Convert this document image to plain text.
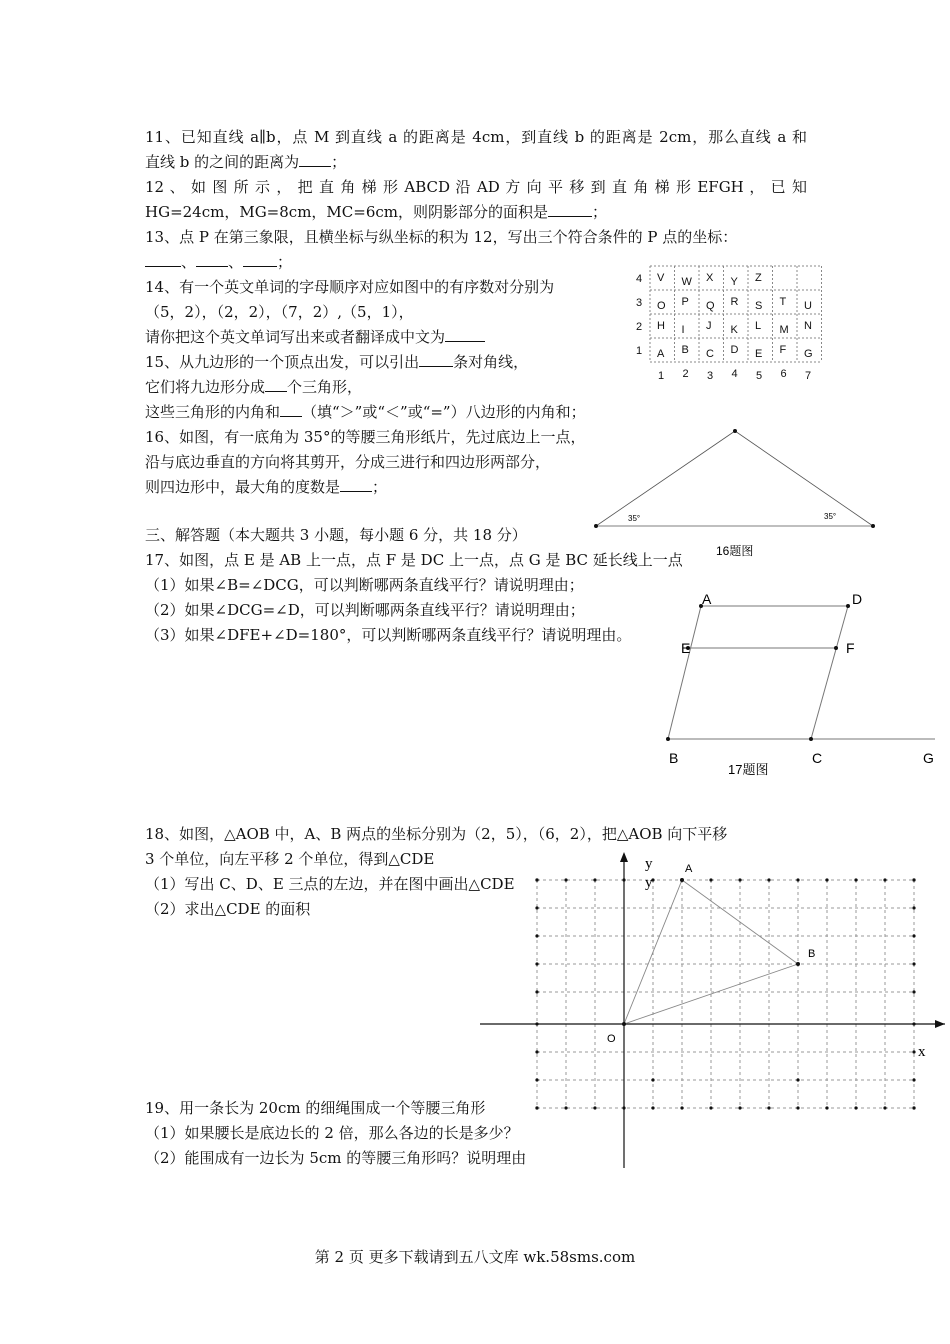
11、已知直线 a∥b，点 M 到直线 a 的距离是 4cm，到直线 b 的距离是 2cm，那么直线 a 和
直线 b 的之间的距离为 ；
12 、 如 图 所 示 ， 把 直 角 梯 形 ABCD 沿 AD 方 向 平 移 到 直 角 梯 形 EFGH ， 已 知
HG=24cm，MG=8cm，MC=6cm，则阴影部分的面积是	；
13、点 P 在第三象限，且横坐标与纵坐标的积为 12，写出三个符合条件的 P 点的坐标：
、 、 ；
14、有一个英文单词的字母顺序对应如图中的有序数对分别为
（5，2），（2，2），（7，2）,（5，1），
请你把这个英文单词写出来或者翻译成中文为
15、从九边形的一个顶点出发，可以引出 条对角线，
它们将九边形分成 个三角形，
这些三角形的内角和 （填“＞”或“＜”或“=”）八边形的内角和；
16、如图，有一底角为 35°的等腰三角形纸片，先过底边上一点，
沿与底边垂直的方向将其剪开，分成三进行和四边形两部分，
则四边形中，最大角的度数是 ；
三、解答题（本大题共 3 小题，每小题 6 分，共 18 分）
17、如图，点 E 是 AB 上一点，点 F 是 DC 上一点，点 G 是 BC 延长线上一点
（1）如果∠B=∠DCG，可以判断哪两条直线平行？请说明理由；
（2）如果∠DCG=∠D，可以判断哪两条直线平行？请说明理由；
（3）如果∠DFE+∠D=180°，可以判断哪两条直线平行？请说明理由。
18、如图，△AOB 中，A、B 两点的坐标分别为（2，5），（6，2），把△AOB 向下平移
3 个单位，向左平移 2 个单位，得到△CDE
（1）写出 C、D、E 三点的左边，并在图中画出△CDE
（2）求出△CDE 的面积
19、用一条长为 20cm 的细绳围成一个等腰三角形
（1）如果腰长是底边长的 2 倍，那么各边的长是多少？
（2）能围成有一边长为 5cm 的等腰三角形吗？说明理由
4 V W X Y Z
3 O P Q R S T U
2 H I J K L M N
1 A B C D E F G
1 2 3 4 5 6 7
35°	35°
16题图
A	D
E	F
B	C	G
17题图
y
y
x
O
A
B
第 2 页 更多下载请到五八文库 wk.58sms.com
